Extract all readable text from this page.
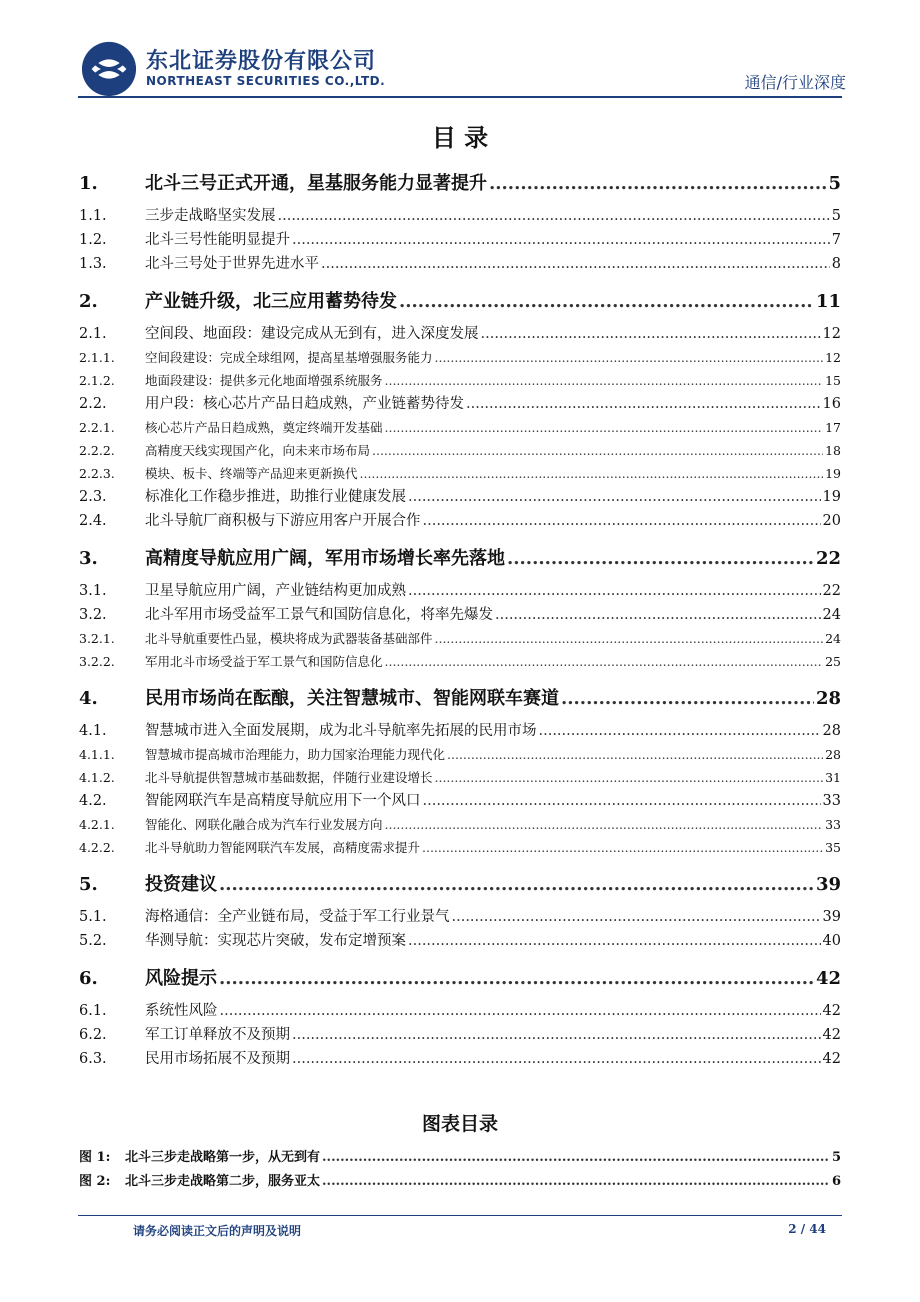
东北证券股份有限公司
NORTHEAST SECURITIES CO.,LTD.	通信/行业深度
目 录
1.	北斗三号正式开通，星基服务能力显著提升 .....	5
1.1.	三步走战略坚实发展 .....	5
1.2.	北斗三号性能明显提升 .....	7
1.3.	北斗三号处于世界先进水平 .....	8
2.	产业链升级，北三应用蓄势待发 .....	11
2.1.	空间段、地面段：建设完成从无到有，进入深度发展 .....	12
2.1.1.	空间段建设：完成全球组网，提高星基增强服务能力 .....	12
2.1.2.	地面段建设：提供多元化地面增强系统服务 .....	15
2.2.	用户段：核心芯片产品日趋成熟，产业链蓄势待发 .....	16
2.2.1.	核心芯片产品日趋成熟，奠定终端开发基础 .....	17
2.2.2.	高精度天线实现国产化，向未来市场布局 .....	18
2.2.3.	模块、板卡、终端等产品迎来更新换代 .....	19
2.3.	标准化工作稳步推进，助推行业健康发展 .....	19
2.4.	北斗导航厂商积极与下游应用客户开展合作 .....	20
3.	高精度导航应用广阔，军用市场增长率先落地 .....	22
3.1.	卫星导航应用广阔，产业链结构更加成熟 .....	22
3.2.	北斗军用市场受益军工景气和国防信息化，将率先爆发 .....	24
3.2.1.	北斗导航重要性凸显，模块将成为武器装备基础部件 .....	24
3.2.2.	军用北斗市场受益于军工景气和国防信息化 .....	25
4.	民用市场尚在酝酿，关注智慧城市、智能网联车赛道 .....	28
4.1.	智慧城市进入全面发展期，成为北斗导航率先拓展的民用市场 .....	28
4.1.1.	智慧城市提高城市治理能力，助力国家治理能力现代化 .....	28
4.1.2.	北斗导航提供智慧城市基础数据，伴随行业建设增长 .....	31
4.2.	智能网联汽车是高精度导航应用下一个风口 .....	33
4.2.1.	智能化、网联化融合成为汽车行业发展方向 .....	33
4.2.2.	北斗导航助力智能网联汽车发展，高精度需求提升 .....	35
5.	投资建议 .....	39
5.1.	海格通信：全产业链布局，受益于军工行业景气 .....	39
5.2.	华测导航：实现芯片突破，发布定增预案 .....	40
6.	风险提示 .....	42
6.1.	系统性风险 .....	42
6.2.	军工订单释放不及预期 .....	42
6.3.	民用市场拓展不及预期 .....	42
图表目录
图 1:	北斗三步走战略第一步，从无到有 .....	5
图 2:	北斗三步走战略第二步，服务亚太 .....	6
请务必阅读正文后的声明及说明	2 / 44
